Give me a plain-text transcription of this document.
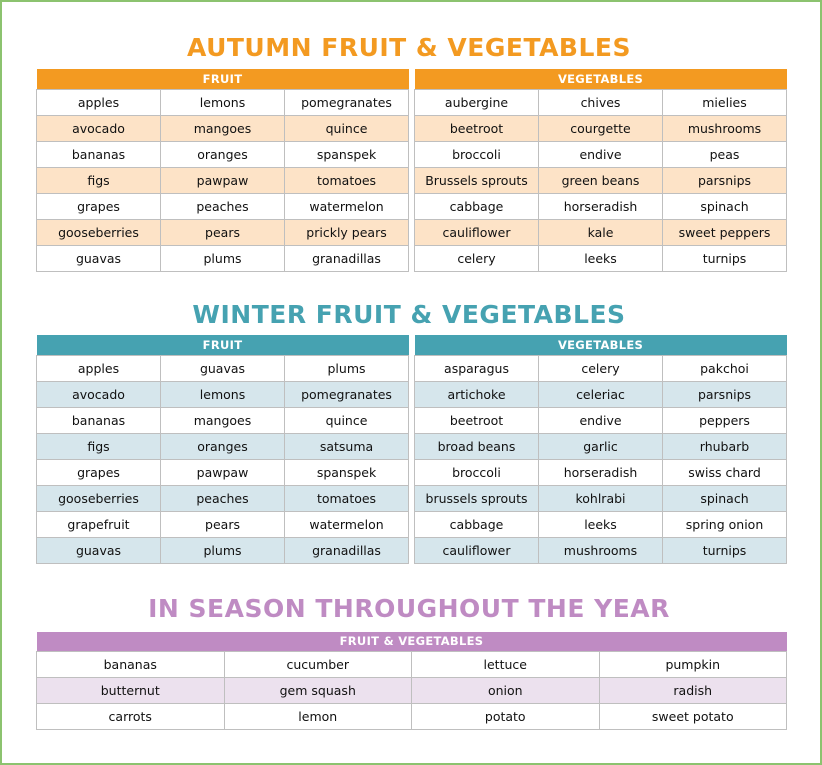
AUTUMN FRUIT & VEGETABLES
FRUIT		
apples	lemons	pomegranates
avocado	mangoes	quince
bananas	oranges	spanspek
figs	pawpaw	tomatoes
grapes	peaches	watermelon
gooseberries	pears	prickly pears
guavas	plums	granadillas
VEGETABLES		
aubergine	chives	mielies
beetroot	courgette	mushrooms
broccoli	endive	peas
Brussels sprouts	green beans	parsnips
cabbage	horseradish	spinach
cauliflower	kale	sweet peppers
celery	leeks	turnips
WINTER FRUIT & VEGETABLES
FRUIT		
apples	guavas	plums
avocado	lemons	pomegranates
bananas	mangoes	quince
figs	oranges	satsuma
grapes	pawpaw	spanspek
gooseberries	peaches	tomatoes
grapefruit	pears	watermelon
guavas	plums	granadillas
VEGETABLES		
asparagus	celery	pakchoi
artichoke	celeriac	parsnips
beetroot	endive	peppers
broad beans	garlic	rhubarb
broccoli	horseradish	swiss chard
brussels sprouts	kohlrabi	spinach
cabbage	leeks	spring onion
cauliflower	mushrooms	turnips
IN SEASON THROUGHOUT THE YEAR
FRUIT & VEGETABLES			
bananas	cucumber	lettuce	pumpkin
butternut	gem squash	onion	radish
carrots	lemon	potato	sweet potato
